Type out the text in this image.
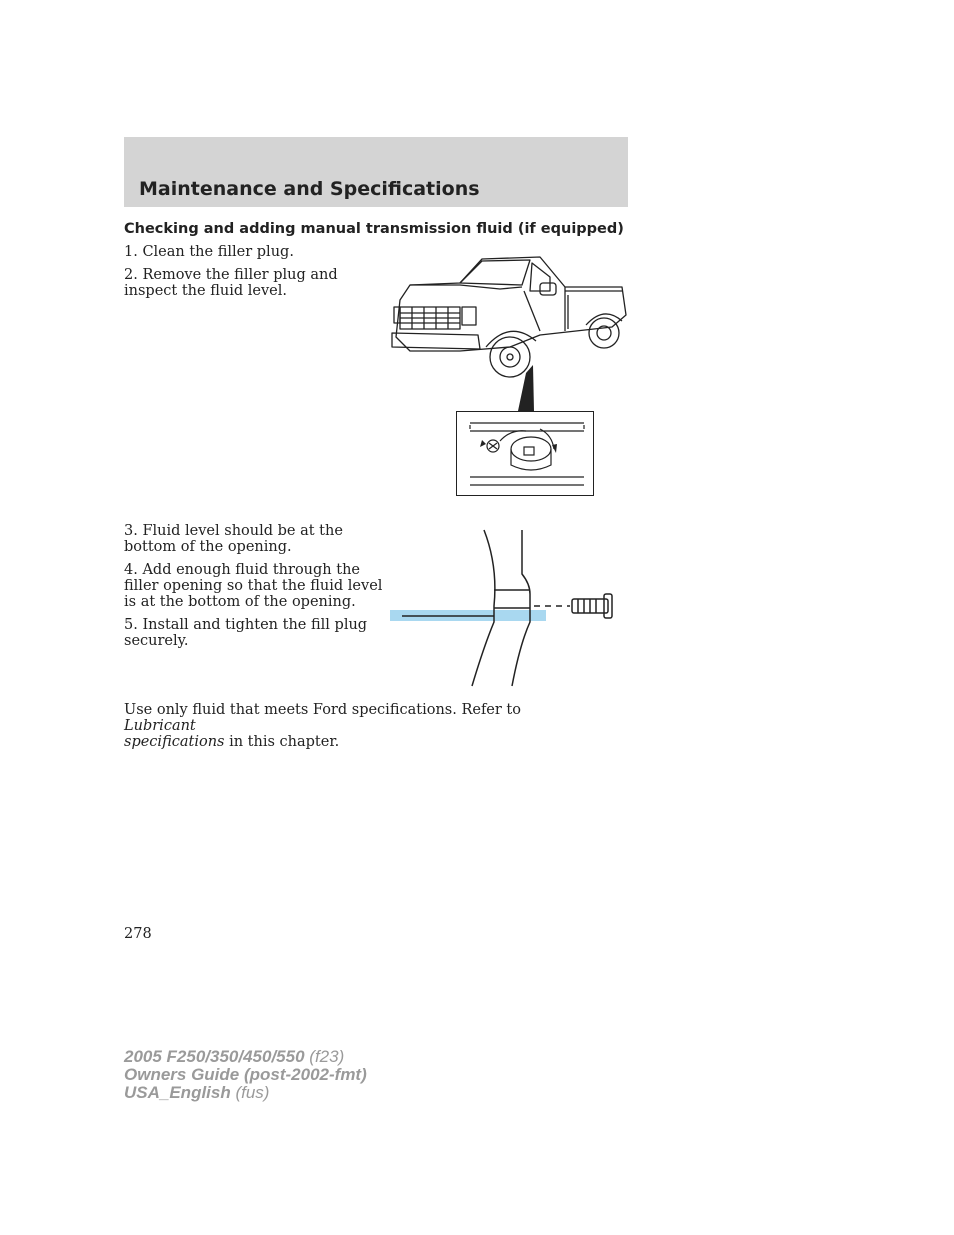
Maintenance and Specifications
Checking and adding manual transmission fluid (if equipped)
1. Clean the filler plug.
2. Remove the filler plug and
inspect the fluid level.
3. Fluid level should be at the
bottom of the opening.
4. Add enough fluid through the
filler opening so that the fluid level
is at the bottom of the opening.
5. Install and tighten the fill plug
securely.
Use only fluid that meets Ford specifications. Refer to Lubricant
specifications in this chapter.
278
2005 F250/350/450/550 (f23)
Owners Guide (post-2002-fmt)
USA_English (fus)
